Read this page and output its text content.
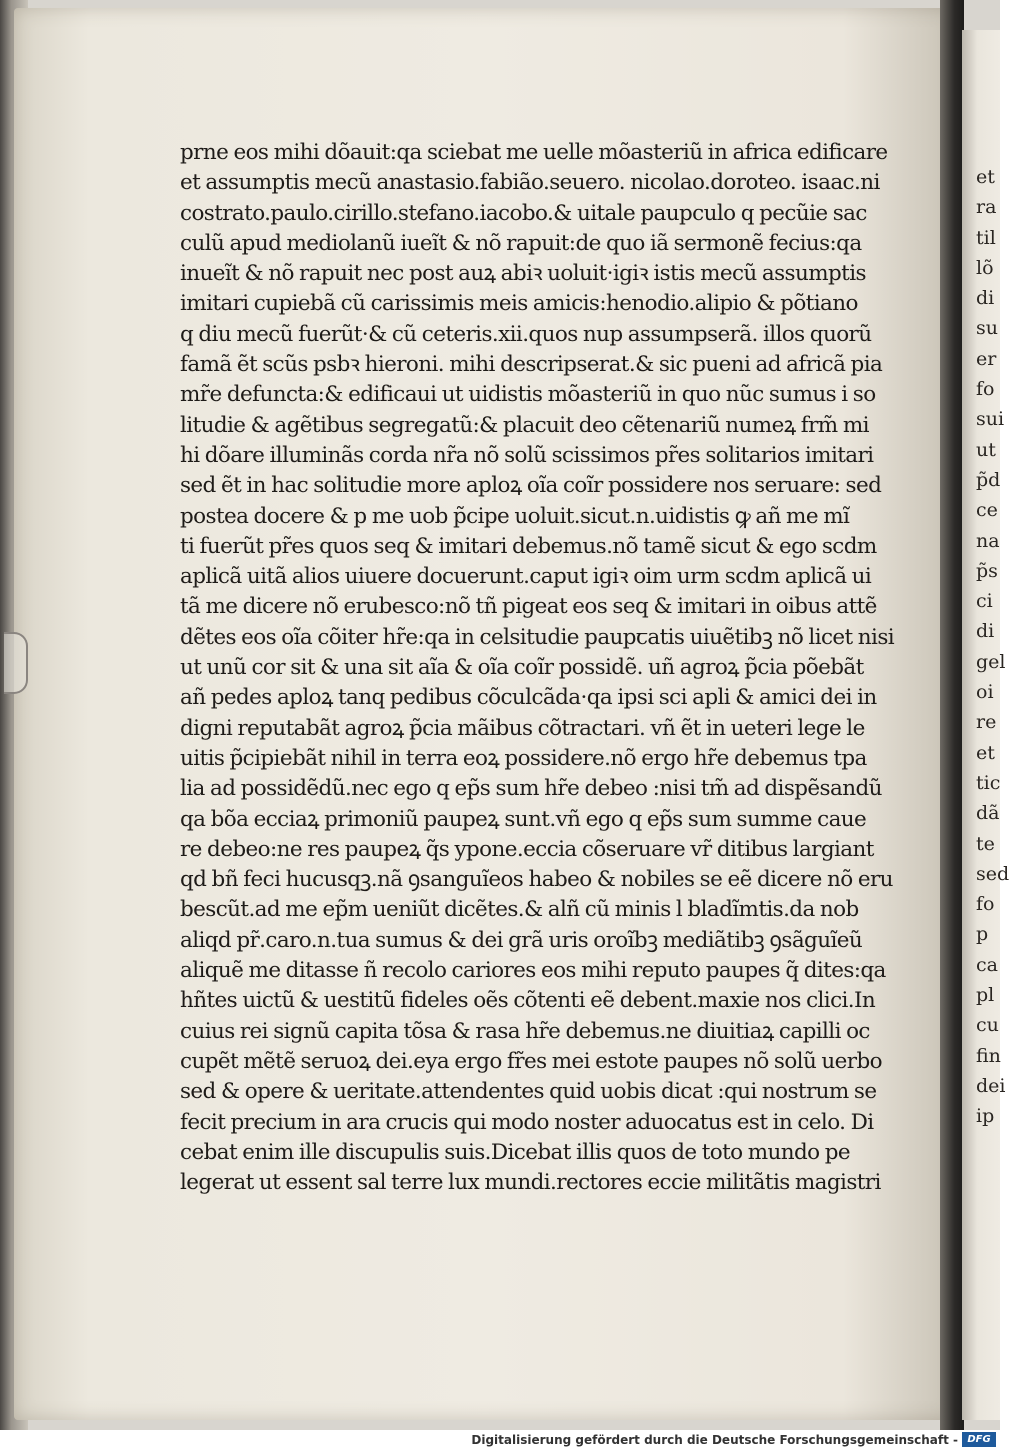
prne eos mihi dõauit:qa sciebat me uelle mõasteriũ in africa edificare
et assumptis mecũ anastasio.fabião.seuero. nicolao.doroteo. isaac.ni
costrato.paulo.cirillo.stefano.iacobo.& uitale paupculo q pecũie sac
culũ apud mediolanũ iueĩt & nõ rapuit:de quo iã sermonẽ fecius:qa
inueĩt & nõ rapuit nec post auꝝ abiꝛ uoluit·igiꝛ istis mecũ assumptis
imitari cupiebã cũ carissimis meis amicis:henodio.alipio & põtiano
q diu mecũ fuerũt·& cũ ceteris.xii.quos nup assumpserã. illos quorũ
famã ẽt scũs psbꝛ hieroni. mihi descripserat.& sic pueni ad africã pia
mr̃e defuncta:& edificaui ut uidistis mõasteriũ in quo nũc sumus i so
litudie & agẽtibus segregatũ:& placuit deo cẽtenariũ numeꝝ frm̃ mi
hi dõare illuminãs corda nr̃a nõ solũ scissimos pr̃es solitarios imitari
sed ẽt in hac solitudie more aploꝝ oĩa coĩr possidere nos seruare: sed
postea docere & p me uob p̃cipe uoluit.sicut.n.uidistis ꝙ añ me mĩ
ti fuerũt pr̃es quos seq & imitari debemus.nõ tamẽ sicut & ego scdm
aplicã uitã alios uiuere docuerunt.caput igiꝛ oim urm scdm aplicã ui
tã me dicere nõ erubesco:nõ tñ pigeat eos seq & imitari in oibus attẽ
dẽtes eos oĩa cõiter hr̃e:qa in celsitudie paupꞇatis uiuẽtibꝫ nõ licet nisi
ut unũ cor sit & una sit aĩa & oĩa coĩr possidẽ. uñ agroꝝ p̃cia põebãt
añ pedes aploꝝ tanq pedibus cõculcãda·qa ipsi sci apli & amici dei in
digni reputabãt agroꝝ p̃cia mãibus cõtractari. vñ ẽt in ueteri lege le
uitis p̃cipiebãt nihil in terra eoꝝ possidere.nõ ergo hr̃e debemus tpa
lia ad possidẽdũ.nec ego q ep̃s sum hr̃e debeo :nisi tm̃ ad dispẽsandũ
qa bõa ecciaꝝ primoniũ paupeꝝ sunt.vñ ego q ep̃s sum summe caue
re debeo:ne res paupeꝝ q̃s ypone.eccia cõseruare vr̃ ditibus largiant
qd bñ feci hucusqꝫ.nã ꝯsanguĩeos habeo & nobiles se eẽ dicere nõ eru
bescũt.ad me ep̃m ueniũt dicẽtes.& alñ cũ minis l bladĩmtis.da nob
aliqd pr̃.caro.n.tua sumus & dei grã uris oroĩbꝫ mediãtibꝫ ꝯsãguĩeũ
aliquẽ me ditasse ñ recolo cariores eos mihi reputo paupes q̃ dites:qa
hñtes uictũ & uestitũ fideles oẽs cõtenti eẽ debent.maxie nos clici.In
cuius rei signũ capita tõsa & rasa hr̃e debemus.ne diuitiaꝝ capilli oc
cupẽt mẽtẽ seruoꝝ dei.eya ergo fr̃es mei estote paupes nõ solũ uerbo
sed & opere & ueritate.attendentes quid uobis dicat :qui nostrum se
fecit precium in ara crucis qui modo noster aduocatus est in celo. Di
cebat enim ille discupulis suis.Dicebat illis quos de toto mundo pe
legerat ut essent sal terre lux mundi.rectores eccie militãtis magistri
et
ra
til
lõ
di
su
er
fo
sui
ut
p̃d
ce
na
p̃s
ci
di
gel
oi
re
et
tic
dã
te
sed
fo
p
ca
pl
cu
fin
dei
ip
Digitalisierung gefördert durch die Deutsche Forschungsgemeinschaft - DFG
